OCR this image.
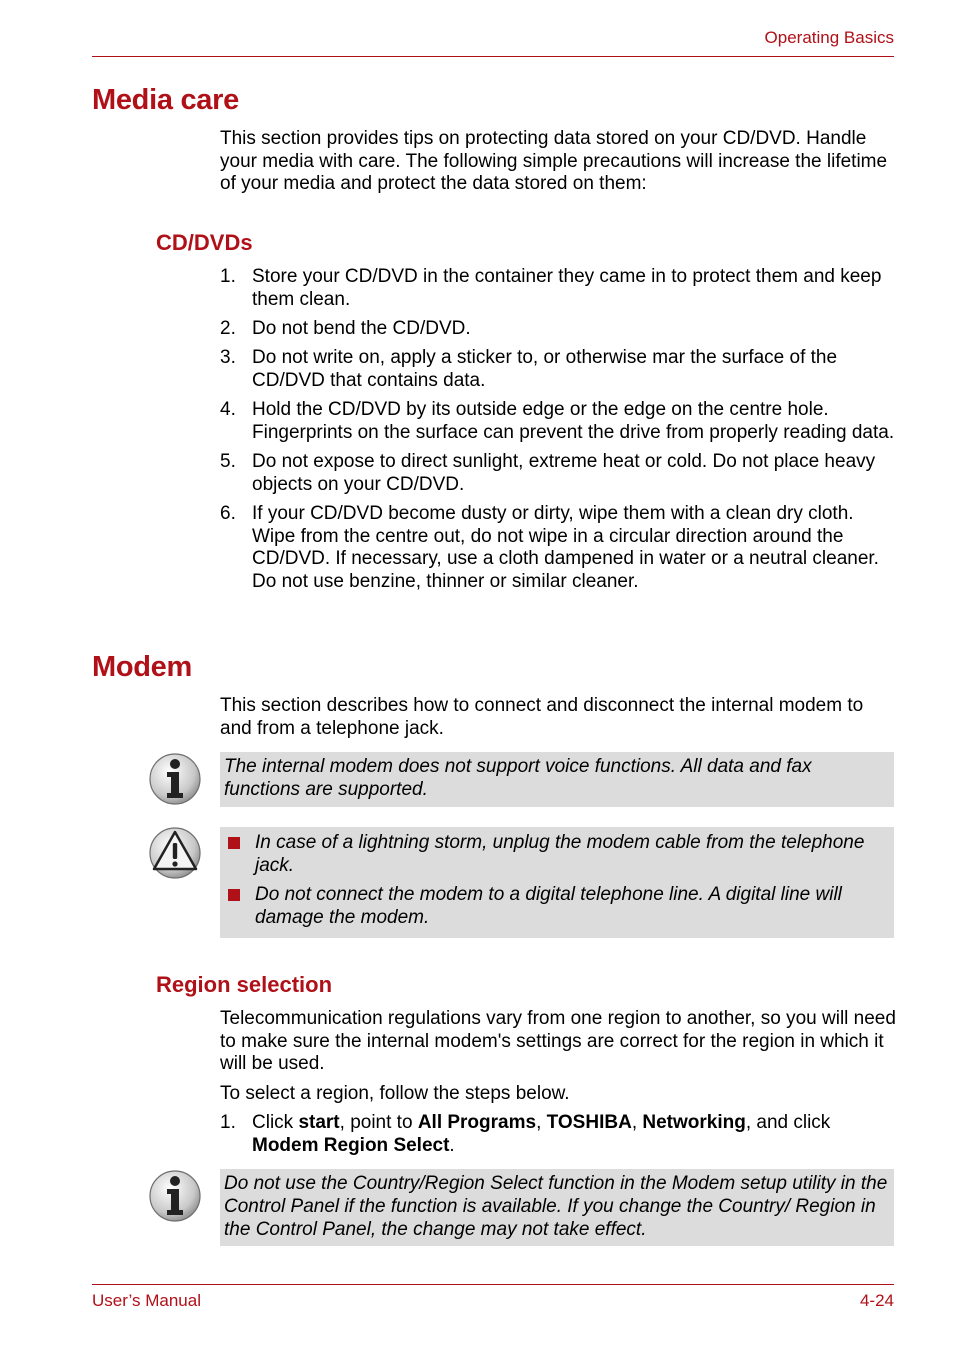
Operating Basics
Media care
This section provides tips on protecting data stored on your CD/DVD. Handle your media with care. The following simple precautions will increase the lifetime of your media and protect the data stored on them:
CD/DVDs
1. Store your CD/DVD in the container they came in to protect them and keep them clean.
2. Do not bend the CD/DVD.
3. Do not write on, apply a sticker to, or otherwise mar the surface of the CD/DVD that contains data.
4. Hold the CD/DVD by its outside edge or the edge on the centre hole. Fingerprints on the surface can prevent the drive from properly reading data.
5. Do not expose to direct sunlight, extreme heat or cold. Do not place heavy objects on your CD/DVD.
6. If your CD/DVD become dusty or dirty, wipe them with a clean dry cloth. Wipe from the centre out, do not wipe in a circular direction around the CD/DVD. If necessary, use a cloth dampened in water or a neutral cleaner. Do not use benzine, thinner or similar cleaner.
Modem
This section describes how to connect and disconnect the internal modem to and from a telephone jack.
The internal modem does not support voice functions. All data and fax functions are supported.
In case of a lightning storm, unplug the modem cable from the telephone jack.
Do not connect the modem to a digital telephone line. A digital line will damage the modem.
Region selection
Telecommunication regulations vary from one region to another, so you will need to make sure the internal modem's settings are correct for the region in which it will be used.
To select a region, follow the steps below.
1. Click start, point to All Programs, TOSHIBA, Networking, and click Modem Region Select.
Do not use the Country/Region Select function in the Modem setup utility in the Control Panel if the function is available. If you change the Country/ Region in the Control Panel, the change may not take effect.
User’s Manual	4-24
